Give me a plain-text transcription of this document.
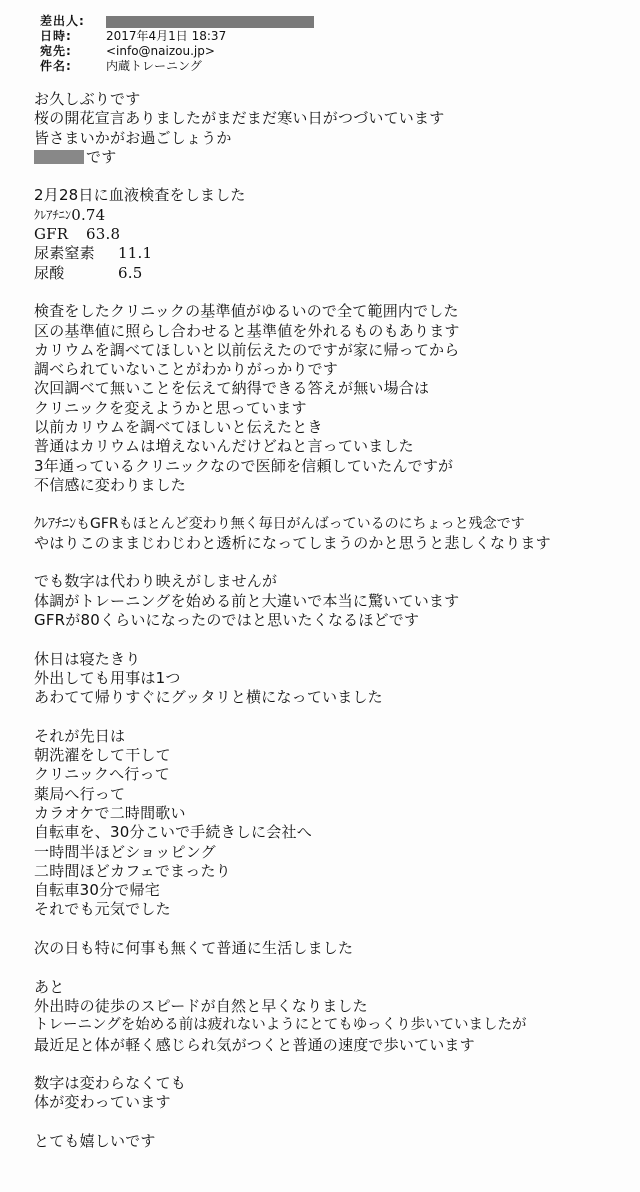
差出人:
日時:	2017年4月1日 18:37
宛先:	<info@naizou.jp>
件名:	内蔵トレーニング
お久しぶりです
桜の開花宣言ありましたがまだまだ寒い日がつづいています
皆さまいかがお過ごしょうか
です
2月28日に血液検査をしました
ｸﾚｱﾁﾆﾝ 0.74
GFR	63.8
尿素窒素	11.1
尿酸	6.5
検査をしたクリニックの基準値がゆるいので全て範囲内でした
区の基準値に照らし合わせると基準値を外れるものもあります
カリウムを調べてほしいと以前伝えたのですが家に帰ってから
調べられていないことがわかりがっかりです
次回調べて無いことを伝えて納得できる答えが無い場合は
クリニックを変えようかと思っています
以前カリウムを調べてほしいと伝えたとき
普通はカリウムは増えないんだけどねと言っていました
3年通っているクリニックなので医師を信頼していたんですが
不信感に変わりました
ｸﾚｱﾁﾆﾝもGFRもほとんど変わり無く毎日がんばっているのにちょっと残念です
やはりこのままじわじわと透析になってしまうのかと思うと悲しくなります
でも数字は代わり映えがしませんが
体調がトレーニングを始める前と大違いで本当に驚いています
GFRが80くらいになったのではと思いたくなるほどです
休日は寝たきり
外出しても用事は1つ
あわてて帰りすぐにグッタリと横になっていました
それが先日は
朝洗濯をして干して
クリニックへ行って
薬局へ行って
カラオケで二時間歌い
自転車を、30分こいで手続きしに会社へ
一時間半ほどショッピング
二時間ほどカフェでまったり
自転車30分で帰宅
それでも元気でした
次の日も特に何事も無くて普通に生活しました
あと
外出時の徒歩のスピードが自然と早くなりました
トレーニングを始める前は疲れないようにとてもゆっくり歩いていましたが
最近足と体が軽く感じられ気がつくと普通の速度で歩いています
数字は変わらなくても
体が変わっています
とても嬉しいです
